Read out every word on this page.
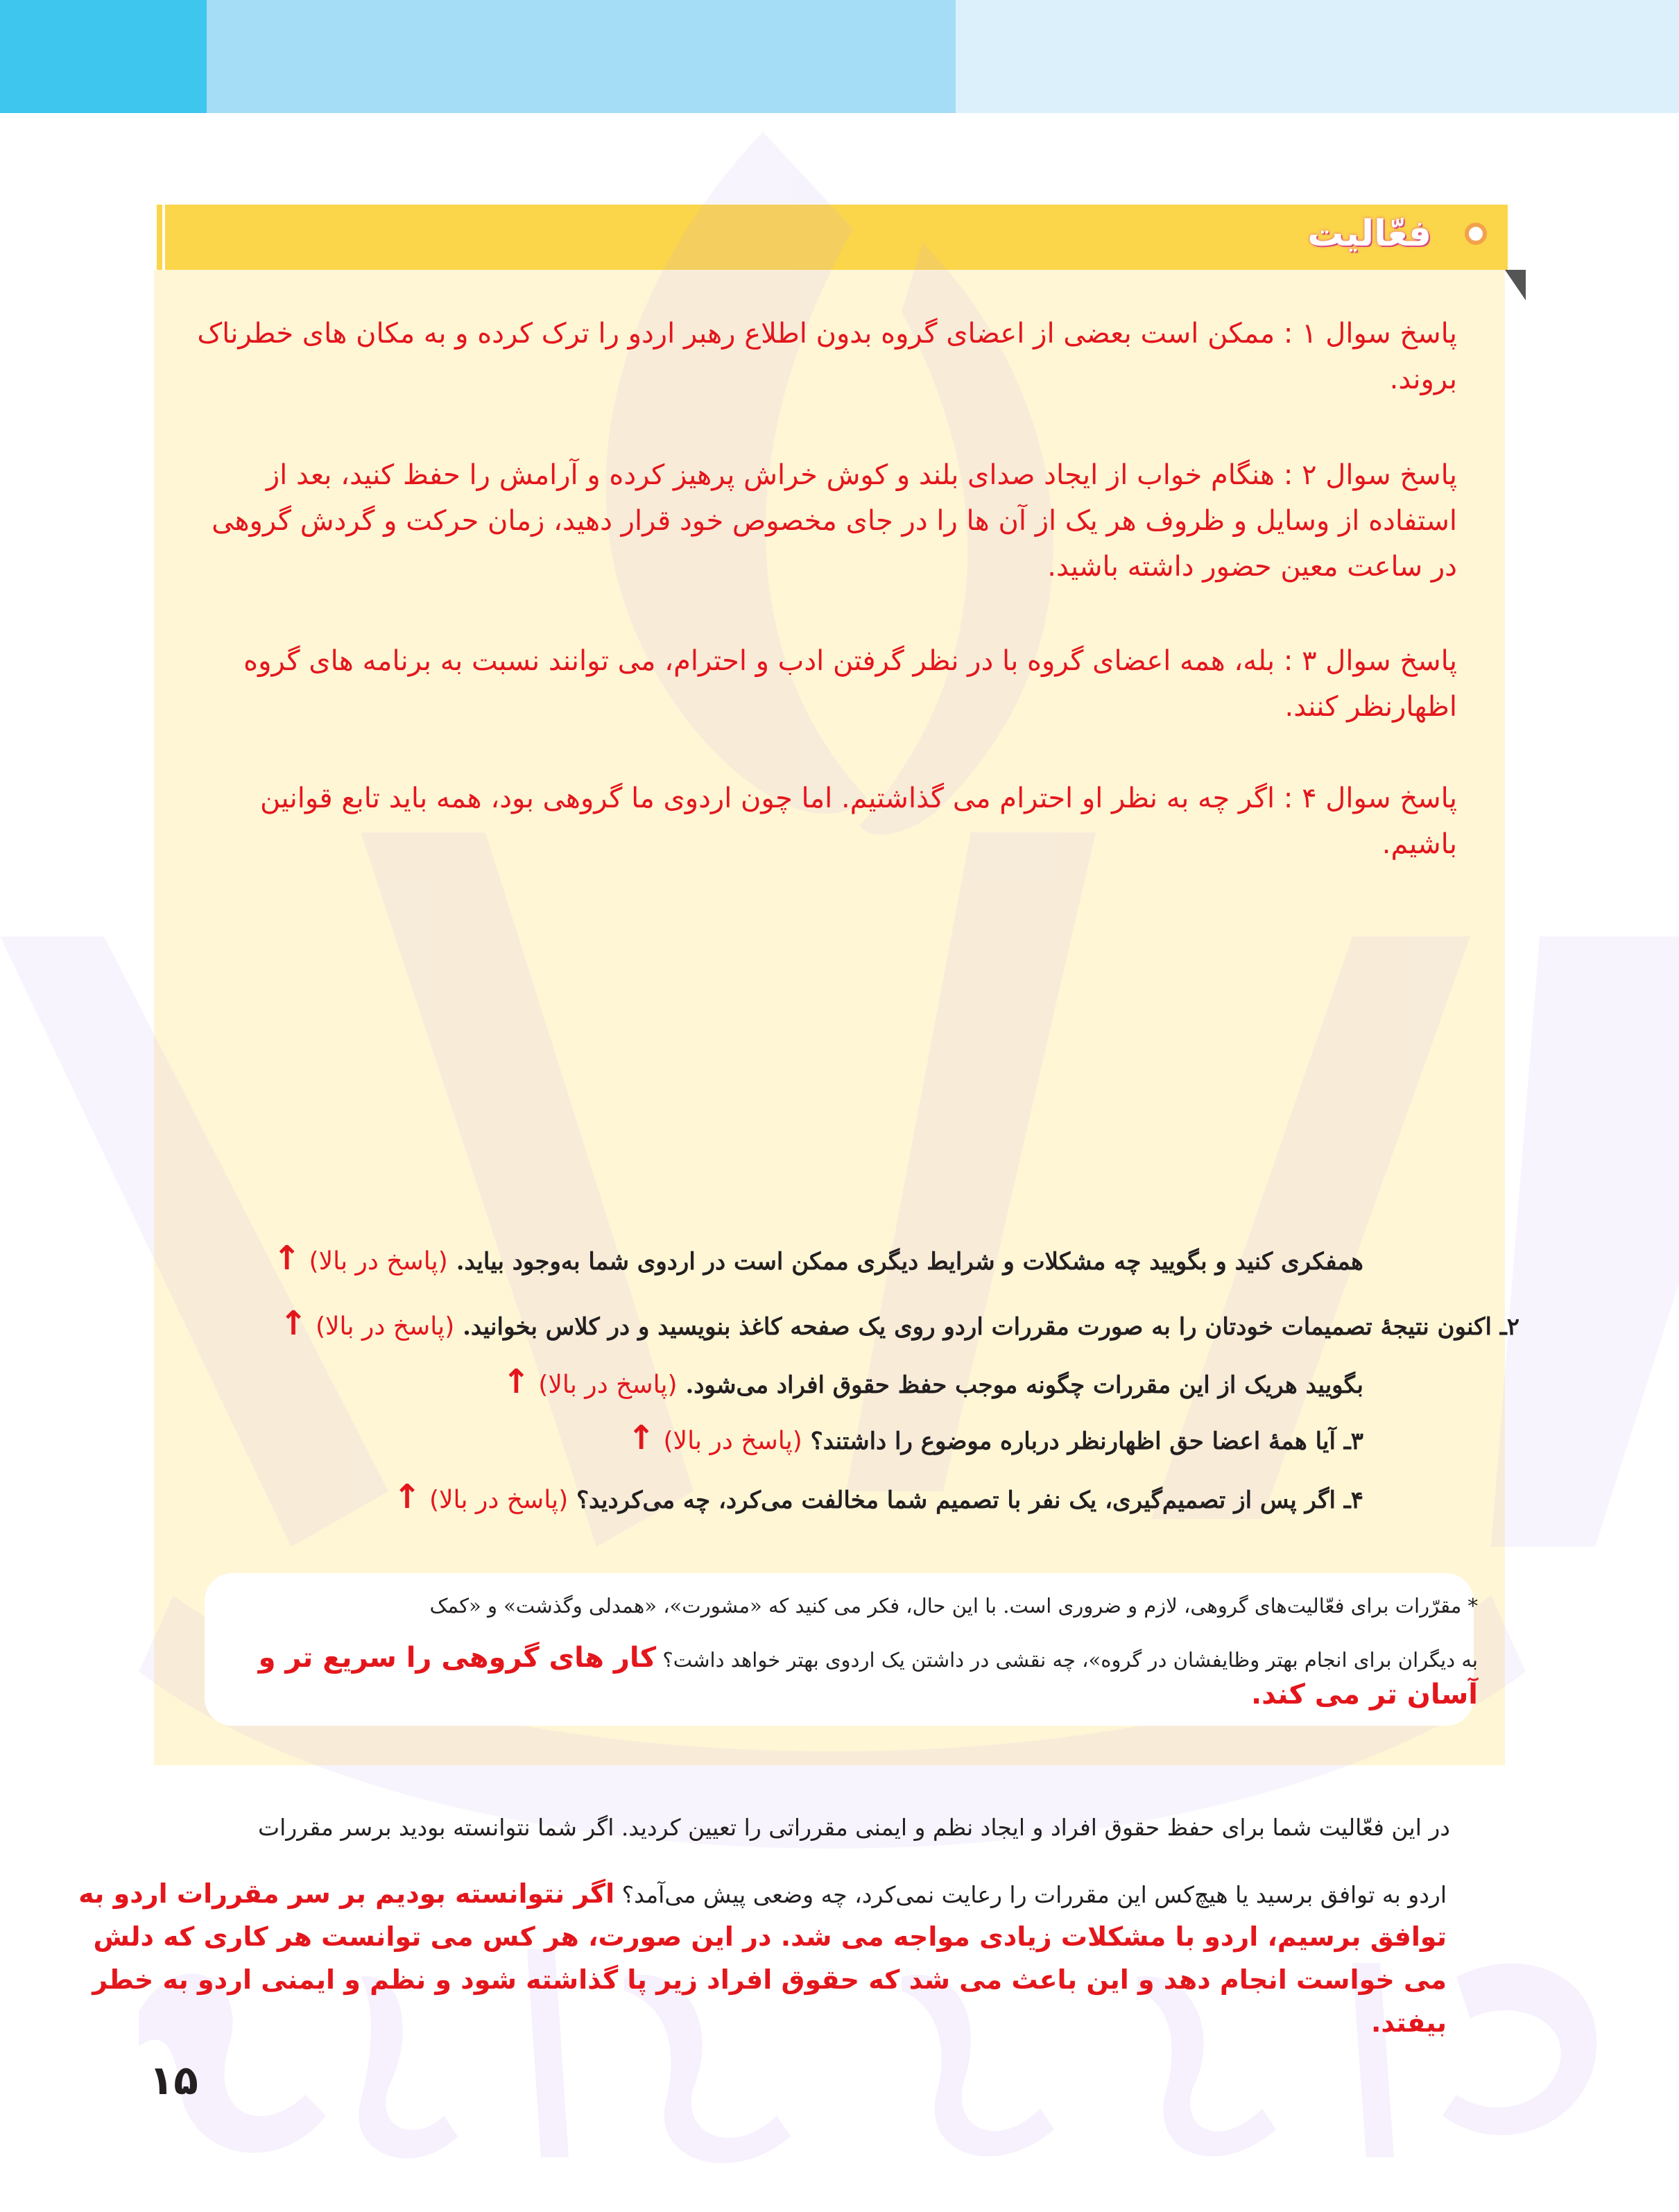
فعّالیت
پاسخ سوال ۱ : ممکن است بعضی از اعضای گروه بدون اطلاع رهبر اردو را ترک کرده و به مکان های خطرناک بروند.
پاسخ سوال ۲ : هنگام خواب از ایجاد صدای بلند و کوش خراش پرهیز کرده و آرامش را حفظ کنید، بعد از استفاده از وسایل و ظروف هر یک از آن ها را در جای مخصوص خود قرار دهید، زمان حرکت و گردش گروهی در ساعت معین حضور داشته باشید.
پاسخ سوال ۳ : بله، همه اعضای گروه با در نظر گرفتن ادب و احترام، می توانند نسبت به برنامه های گروه اظهارنظر کنند.
پاسخ سوال ۴ : اگر چه به نظر او احترام می گذاشتیم. اما چون اردوی ما گروهی بود، همه باید تابع قوانین باشیم.
همفکری کنید و بگویید چه مشکلات و شرایط دیگری ممکن است در اردوی شما به‌وجود بیاید. (پاسخ در بالا) ↑
۲ـ اکنون نتیجهٔ تصمیمات خودتان را به صورت مقررات اردو روی یک صفحه کاغذ بنویسید و در کلاس بخوانید. (پاسخ در بالا) ↑
بگویید هریک از این مقررات چگونه موجب حفظ حقوق افراد می‌شود. (پاسخ در بالا) ↑
۳ـ آیا همهٔ اعضا حق اظهارنظر درباره موضوع را داشتند؟ (پاسخ در بالا) ↑
۴ـ اگر پس از تصمیم‌گیری، یک نفر با تصمیم شما مخالفت می‌کرد، چه می‌کردید؟ (پاسخ در بالا) ↑
* مقرّرات برای فعّالیت‌های گروهی، لازم و ضروری است. با این حال، فکر می کنید که «مشورت»، «همدلی وگذشت» و «کمک
به دیگران برای انجام بهتر وظایفشان در گروه»، چه نقشی در داشتن یک اردوی بهتر خواهد داشت؟ کار های گروهی را سریع تر و آسان تر می کند.
در این فعّالیت شما برای حفظ حقوق افراد و ایجاد نظم و ایمنی مقرراتی را تعیین کردید. اگر شما نتوانسته بودید برسر مقررات
اردو به توافق برسید یا هیچ‌کس این مقررات را رعایت نمی‌کرد، چه وضعی پیش می‌آمد؟ اگر نتوانسته بودیم بر سر مقررات اردو به توافق برسیم، اردو با مشکلات زیادی مواجه می شد. در این صورت، هر کس می توانست هر کاری که دلش می خواست انجام دهد و این باعث می شد که حقوق افراد زیر پا گذاشته شود و نظم و ایمنی اردو به خطر بیفتد.
۱۵
